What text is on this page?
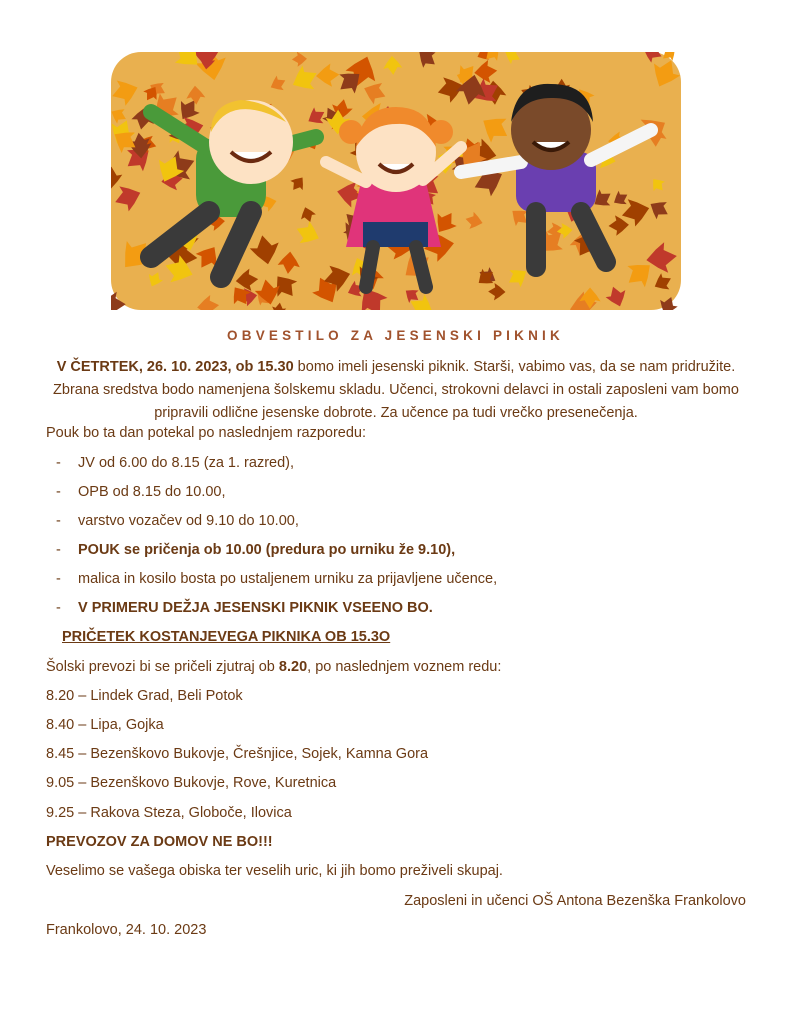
OBVESTILO ZA JESENSKI PIKNIK
V ČETRTEK, 26. 10. 2023, ob 15.30 bomo imeli jesenski piknik. Starši, vabimo vas, da se nam pridružite. Zbrana sredstva bodo namenjena šolskemu skladu. Učenci, strokovni delavci in ostali zaposleni vam bomo pripravili odlične jesenske dobrote. Za učence pa tudi vrečko presenečenja.
Pouk bo ta dan potekal po naslednjem razporedu:
- JV od 6.00 do 8.15 (za 1. razred),
- OPB od 8.15 do 10.00,
- varstvo vozačev od 9.10 do 10.00,
- POUK se pričenja ob 10.00 (predura po urniku že 9.10),
- malica in kosilo bosta po ustaljenem urniku za prijavljene učence,
- V PRIMERU DEŽJA JESENSKI PIKNIK VSEENO BO.
PRIČETEK KOSTANJEVEGA PIKNIKA OB 15.3O
Šolski prevozi bi se pričeli zjutraj ob 8.20, po naslednjem voznem redu:
8.20 – Lindek Grad, Beli Potok
8.40 – Lipa, Gojka
8.45 – Bezenškovo Bukovje, Črešnjice, Sojek, Kamna Gora
9.05 – Bezenškovo Bukovje, Rove, Kuretnica
9.25 – Rakova Steza, Globoče, Ilovica
PREVOZOV ZA DOMOV NE BO!!!
Veselimo se vašega obiska ter veselih uric, ki jih bomo preživeli skupaj.
Zaposleni in učenci OŠ Antona Bezenška Frankolovo
Frankolovo, 24. 10. 2023
